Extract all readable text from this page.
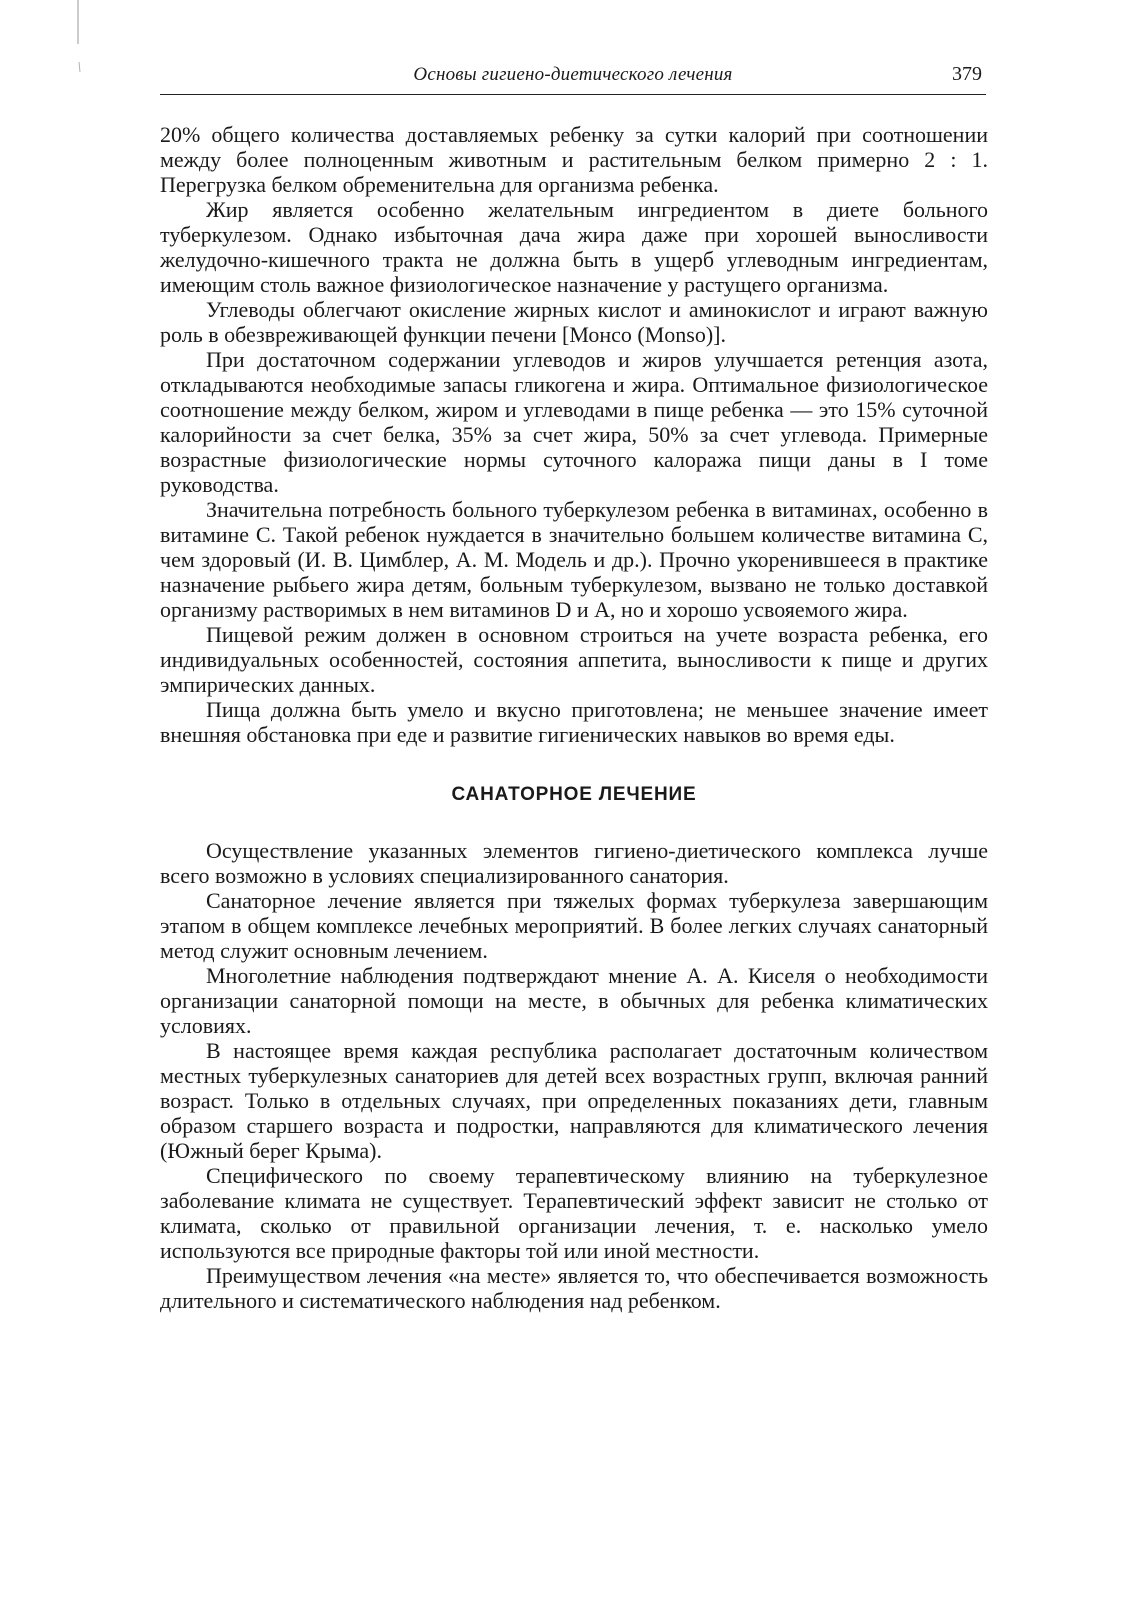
Основы гигиено-диетического лечения	379

20% общего количества доставляемых ребенку за сутки калорий при соотношении между более полноценным животным и растительным белком примерно 2 : 1. Перегрузка белком обременительна для организма ребенка.

Жир является особенно желательным ингредиентом в диете больного туберкулезом. Однако избыточная дача жира даже при хорошей выносливости желудочно-кишечного тракта не должна быть в ущерб углеводным ингредиентам, имеющим столь важное физиологическое назначение у растущего организма.

Углеводы облегчают окисление жирных кислот и аминокислот и играют важную роль в обезвреживающей функции печени [Монсо (Monso)].

При достаточном содержании углеводов и жиров улучшается ретенция азота, откладываются необходимые запасы гликогена и жира. Оптимальное физиологическое соотношение между белком, жиром и углеводами в пище ребенка — это 15% суточной калорийности за счет белка, 35% за счет жира, 50% за счет углевода. Примерные возрастные физиологические нормы суточного калоража пищи даны в I томе руководства.

Значительна потребность больного туберкулезом ребенка в витаминах, особенно в витамине С. Такой ребенок нуждается в значительно большем количестве витамина С, чем здоровый (И. В. Цимблер, А. М. Модель и др.). Прочно укоренившееся в практике назначение рыбьего жира детям, больным туберкулезом, вызвано не только доставкой организму растворимых в нем витаминов D и А, но и хорошо усвояемого жира.

Пищевой режим должен в основном строиться на учете возраста ребенка, его индивидуальных особенностей, состояния аппетита, выносливости к пище и других эмпирических данных.

Пища должна быть умело и вкусно приготовлена; не меньшее значение имеет внешняя обстановка при еде и развитие гигиенических навыков во время еды.

САНАТОРНОЕ ЛЕЧЕНИЕ

Осуществление указанных элементов гигиено-диетического комплекса лучше всего возможно в условиях специализированного санатория.

Санаторное лечение является при тяжелых формах туберкулеза завершающим этапом в общем комплексе лечебных мероприятий. В более легких случаях санаторный метод служит основным лечением.

Многолетние наблюдения подтверждают мнение А. А. Киселя о необходимости организации санаторной помощи на месте, в обычных для ребенка климатических условиях.

В настоящее время каждая республика располагает достаточным количеством местных туберкулезных санаториев для детей всех возрастных групп, включая ранний возраст. Только в отдельных случаях, при определенных показаниях дети, главным образом старшего возраста и подростки, направляются для климатического лечения (Южный берег Крыма).

Специфического по своему терапевтическому влиянию на туберкулезное заболевание климата не существует. Терапевтический эффект зависит не столько от климата, сколько от правильной организации лечения, т. е. насколько умело используются все природные факторы той или иной местности.

Преимуществом лечения «на месте» является то, что обеспечивается возможность длительного и систематического наблюдения над ребенком.
